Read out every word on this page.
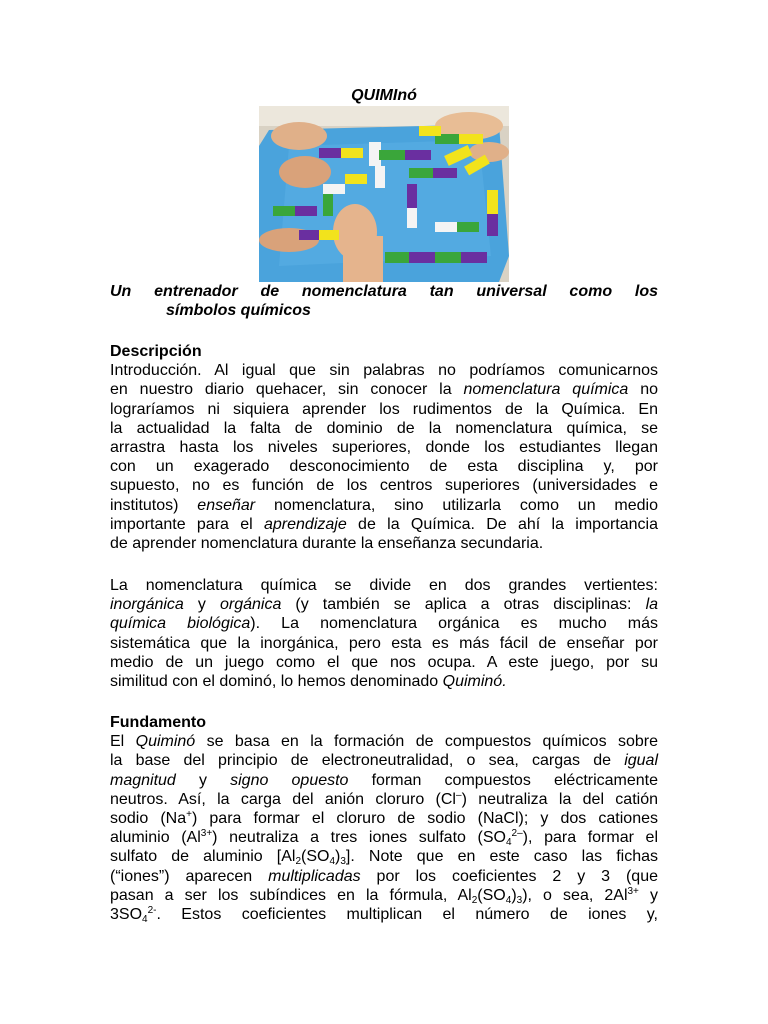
QUIMInó
Un entrenador de nomenclatura tan universal como los
símbolos químicos
Descripción
Introducción. Al igual que sin palabras no podríamos comunicarnos
en nuestro diario quehacer, sin conocer la nomenclatura química no
lograríamos ni siquiera aprender los rudimentos de la Química. En
la actualidad la falta de dominio de la nomenclatura química, se
arrastra hasta los niveles superiores, donde los estudiantes llegan
con un exagerado desconocimiento de esta disciplina y, por
supuesto, no es función de los centros superiores (universidades e
institutos) enseñar nomenclatura, sino utilizarla como un medio
importante para el aprendizaje de la Química. De ahí la importancia
de aprender nomenclatura durante la enseñanza secundaria.
La nomenclatura química se divide en dos grandes vertientes:
inorgánica y orgánica (y también se aplica a otras disciplinas: la
química biológica). La nomenclatura orgánica es mucho más
sistemática que la inorgánica, pero esta es más fácil de enseñar por
medio de un juego como el que nos ocupa. A este juego, por su
similitud con el dominó, lo hemos denominado Quiminó.
Fundamento
El Quiminó se basa en la formación de compuestos químicos sobre
la base del principio de electroneutralidad, o sea, cargas de igual
magnitud y signo opuesto forman compuestos eléctricamente
neutros. Así, la carga del anión cloruro (Cl–) neutraliza la del catión
sodio (Na+) para formar el cloruro de sodio (NaCl); y dos cationes
aluminio $(Al^{3+})$ neutraliza a tres iones sulfato $(SO_4^{2-})$, para formar el
sulfato de aluminio $[Al_2(SO_4)_3]$. Note que en este caso las fichas
(“iones”) aparecen multiplicadas por los coeficientes 2 y 3 (que
pasan a ser los subíndices en la fórmula, $Al_2(SO_4)_3$), o sea, $2Al^{3+}$ y
$3SO_4^{2-}$. Estos coeficientes multiplican el número de iones y,
